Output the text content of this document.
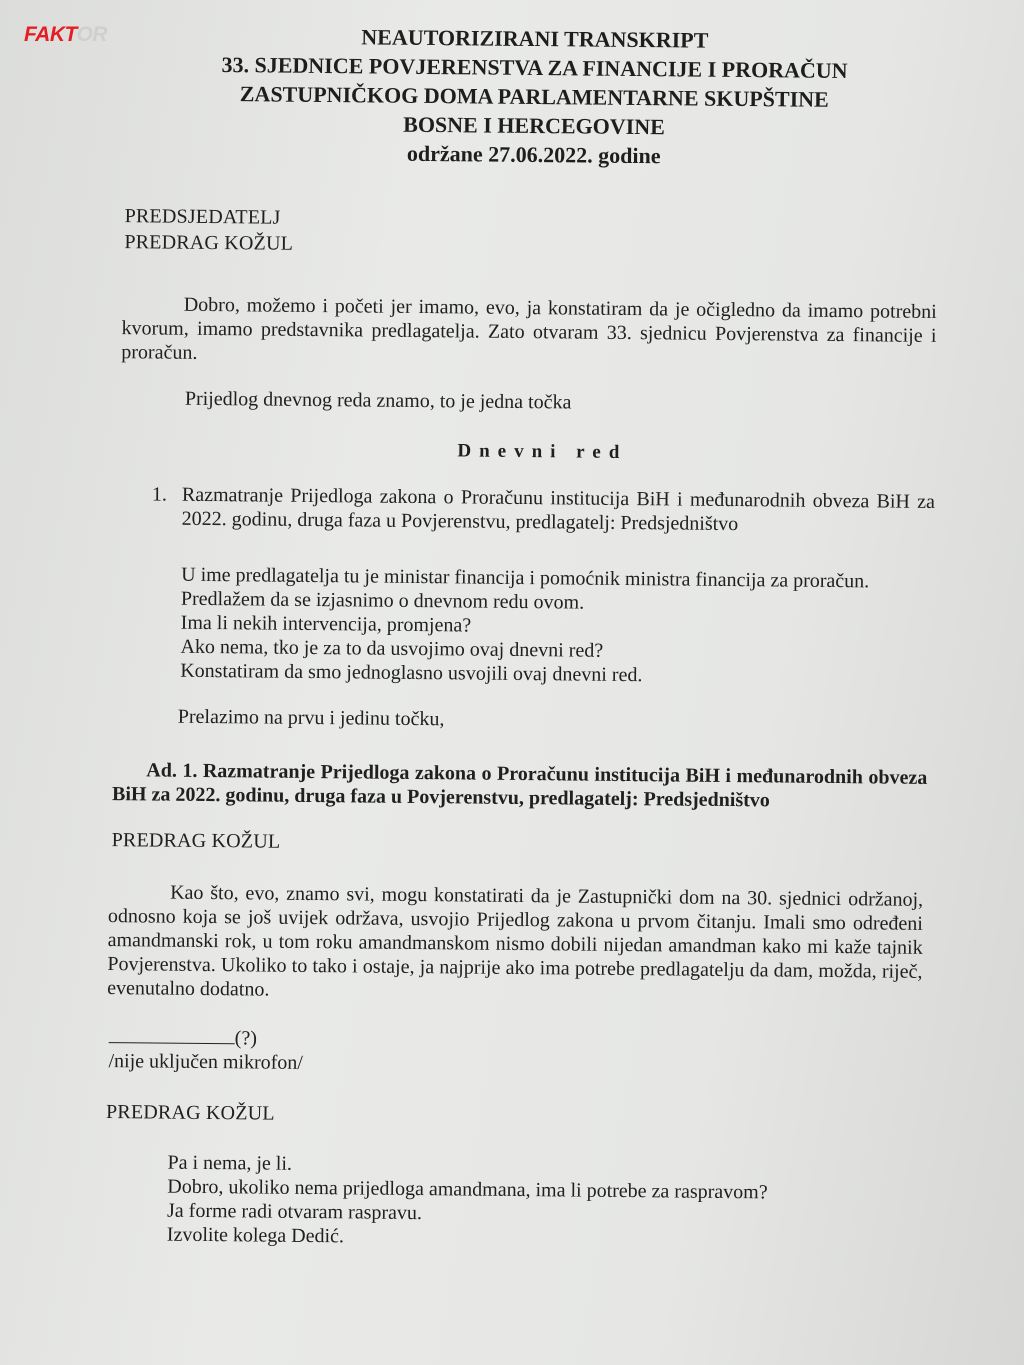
FAKTOR	NEAUTORIZIRANI TRANSKRIPT
33. SJEDNICE POVJERENSTVA ZA FINANCIJE I PRORAČUN
ZASTUPNIČKOG DOMA PARLAMENTARNE SKUPŠTINE
BOSNE I HERCEGOVINE
održane 27.06.2022. godine
PREDSJEDATELJ
PREDRAG KOŽUL
Dobro, možemo i početi jer imamo, evo, ja konstatiram da je očigledno da imamo potrebni kvorum, imamo predstavnika predlagatelja. Zato otvaram 33. sjednicu Povjerenstva za financije i proračun.
Prijedlog dnevnog reda znamo, to je jedna točka
Dnevni red
1. Razmatranje Prijedloga zakona o Proračunu institucija BiH i međunarodnih obveza BiH za 2022. godinu, druga faza u Povjerenstvu, predlagatelj: Predsjedništvo
U ime predlagatelja tu je ministar financija i pomoćnik ministra financija za proračun.
Predlažem da se izjasnimo o dnevnom redu ovom.
Ima li nekih intervencija, promjena?
Ako nema, tko je za to da usvojimo ovaj dnevni red?
Konstatiram da smo jednoglasno usvojili ovaj dnevni red.
Prelazimo na prvu i jedinu točku,
Ad. 1. Razmatranje Prijedloga zakona o Proračunu institucija BiH i međunarodnih obveza BiH za 2022. godinu, druga faza u Povjerenstvu, predlagatelj: Predsjedništvo
PREDRAG KOŽUL
Kao što, evo, znamo svi, mogu konstatirati da je Zastupnički dom na 30. sjednici održanoj, odnosno koja se još uvijek održava, usvojio Prijedlog zakona u prvom čitanju. Imali smo određeni amandmanski rok, u tom roku amandmanskom nismo dobili nijedan amandman kako mi kaže tajnik Povjerenstva. Ukoliko to tako i ostaje, ja najprije ako ima potrebe predlagatelju da dam, možda, riječ, evenutalno dodatno.
(?)
/nije uključen mikrofon/
PREDRAG KOŽUL
Pa i nema, je li.
Dobro, ukoliko nema prijedloga amandmana, ima li potrebe za raspravom?
Ja forme radi otvaram raspravu.
Izvolite kolega Dedić.
